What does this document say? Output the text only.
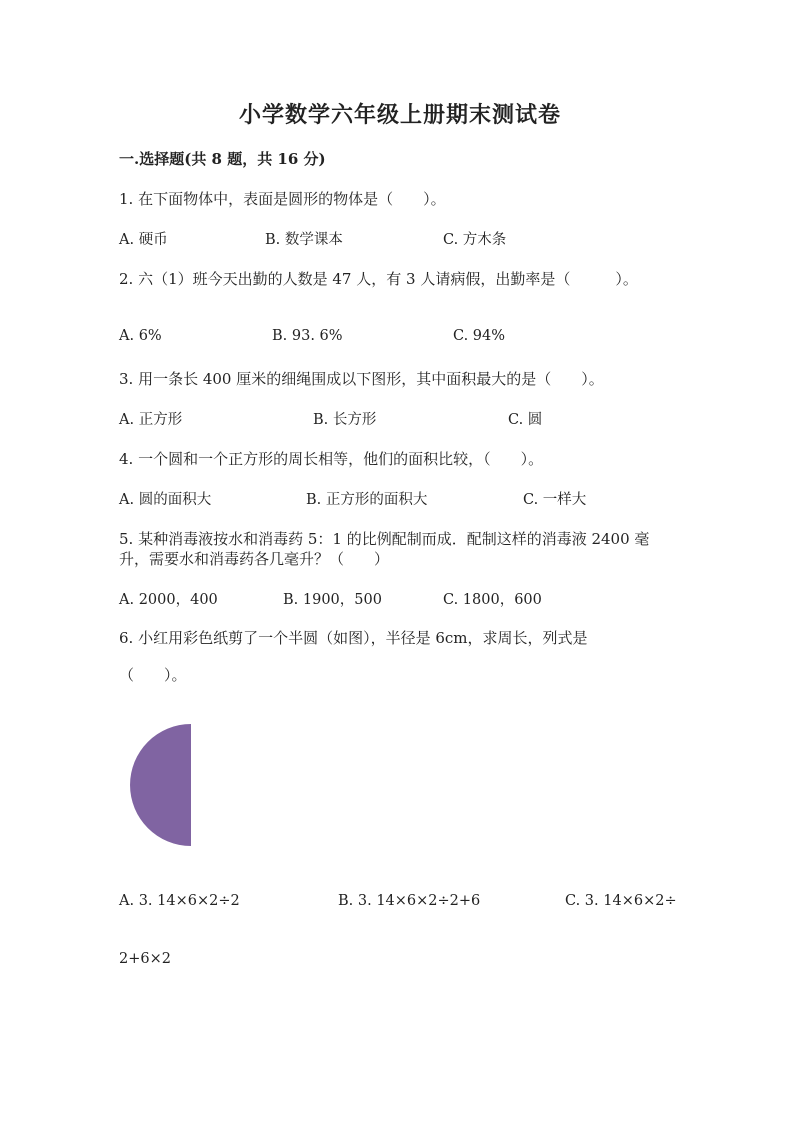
小学数学六年级上册期末测试卷
一.选择题(共 8 题，共 16 分)
1. 在下面物体中，表面是圆形的物体是（　　）。
A. 硬币	B. 数学课本	C. 方木条
2. 六（1）班今天出勤的人数是 47 人，有 3 人请病假，出勤率是（　　　）。
A. 6%	B. 93. 6%	C. 94%
3. 用一条长 400 厘米的细绳围成以下图形，其中面积最大的是（　　）。
A. 正方形	B. 长方形	C. 圆
4. 一个圆和一个正方形的周长相等，他们的面积比较，（　　）。
A. 圆的面积大	B. 正方形的面积大	C. 一样大
5. 某种消毒液按水和消毒药 5：1 的比例配制而成．配制这样的消毒液 2400 毫
升，需要水和消毒药各几毫升？（　　）
A. 2000，400	B. 1900，500	C. 1800，600
6. 小红用彩色纸剪了一个半圆（如图），半径是 6cm，求周长，列式是
（　　）。
A. 3. 14×6×2÷2	B. 3. 14×6×2÷2+6	C. 3. 14×6×2÷
2+6×2
